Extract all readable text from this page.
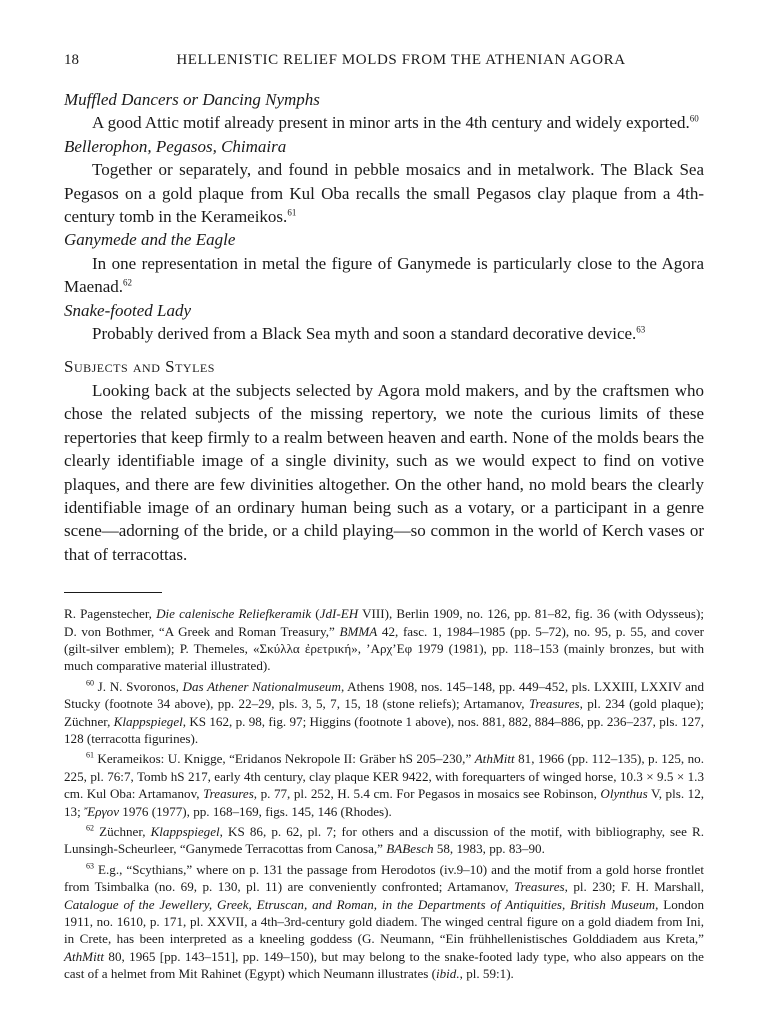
18	HELLENISTIC RELIEF MOLDS FROM THE ATHENIAN AGORA
Muffled Dancers or Dancing Nymphs
A good Attic motif already present in minor arts in the 4th century and widely exported.$^{60}$
Bellerophon, Pegasos, Chimaira
Together or separately, and found in pebble mosaics and in metalwork. The Black Sea Pegasos on a gold plaque from Kul Oba recalls the small Pegasos clay plaque from a 4th-century tomb in the Kerameikos.$^{61}$
Ganymede and the Eagle
In one representation in metal the figure of Ganymede is particularly close to the Agora Maenad.$^{62}$
Snake-footed Lady
Probably derived from a Black Sea myth and soon a standard decorative device.$^{63}$
Subjects and Styles
Looking back at the subjects selected by Agora mold makers, and by the craftsmen who chose the related subjects of the missing repertory, we note the curious limits of these repertories that keep firmly to a realm between heaven and earth. None of the molds bears the clearly identifiable image of a single divinity, such as we would expect to find on votive plaques, and there are few divinities altogether. On the other hand, no mold bears the clearly identifiable image of an ordinary human being such as a votary, or a participant in a genre scene—adorning of the bride, or a child playing—so common in the world of Kerch vases or that of terracottas.

R. Pagenstecher, Die calenische Reliefkeramik (JdI-EH VIII), Berlin 1909, no. 126, pp. 81–82, fig. 36 (with Odysseus); D. von Bothmer, “A Greek and Roman Treasury,” BMMA 42, fasc. 1, 1984–1985 (pp. 5–72), no. 95, p. 55, and cover (gilt-silver emblem); P. Themeles, «Σκύλλα ἐρετρική», ’Αρχ’Εφ 1979 (1981), pp. 118–153 (mainly bronzes, but with much comparative material illustrated).

$^{60}$ J. N. Svoronos, Das Athener Nationalmuseum, Athens 1908, nos. 145–148, pp. 449–452, pls. LXXIII, LXXIV and Stucky (footnote 34 above), pp. 22–29, pls. 3, 5, 7, 15, 18 (stone reliefs); Artamanov, Treasures, pl. 234 (gold plaque); Züchner, Klappspiegel, KS 162, p. 98, fig. 97; Higgins (footnote 1 above), nos. 881, 882, 884–886, pp. 236–237, pls. 127, 128 (terracotta figurines).

$^{61}$ Kerameikos: U. Knigge, “Eridanos Nekropole II: Gräber hS 205–230,” AthMitt 81, 1966 (pp. 112–135), p. 125, no. 225, pl. 76:7, Tomb hS 217, early 4th century, clay plaque KER 9422, with forequarters of winged horse, 10.3 × 9.5 × 1.3 cm. Kul Oba: Artamanov, Treasures, p. 77, pl. 252, H. 5.4 cm. For Pegasos in mosaics see Robinson, Olynthus V, pls. 12, 13; Ἔργον 1976 (1977), pp. 168–169, figs. 145, 146 (Rhodes).

$^{62}$ Züchner, Klappspiegel, KS 86, p. 62, pl. 7; for others and a discussion of the motif, with bibliography, see R. Lunsingh-Scheurleer, “Ganymede Terracottas from Canosa,” BABesch 58, 1983, pp. 83–90.

$^{63}$ E.g., “Scythians,” where on p. 131 the passage from Herodotos (iv.9–10) and the motif from a gold horse frontlet from Tsimbalka (no. 69, p. 130, pl. 11) are conveniently confronted; Artamanov, Treasures, pl. 230; F. H. Marshall, Catalogue of the Jewellery, Greek, Etruscan, and Roman, in the Departments of Antiquities, British Museum, London 1911, no. 1610, p. 171, pl. XXVII, a 4th–3rd-century gold diadem. The winged central figure on a gold diadem from Ini, in Crete, has been interpreted as a kneeling goddess (G. Neumann, “Ein frühhellenistisches Golddiadem aus Kreta,” AthMitt 80, 1965 [pp. 143–151], pp. 149–150), but may belong to the snake-footed lady type, who also appears on the cast of a helmet from Mit Rahinet (Egypt) which Neumann illustrates (ibid., pl. 59:1).
